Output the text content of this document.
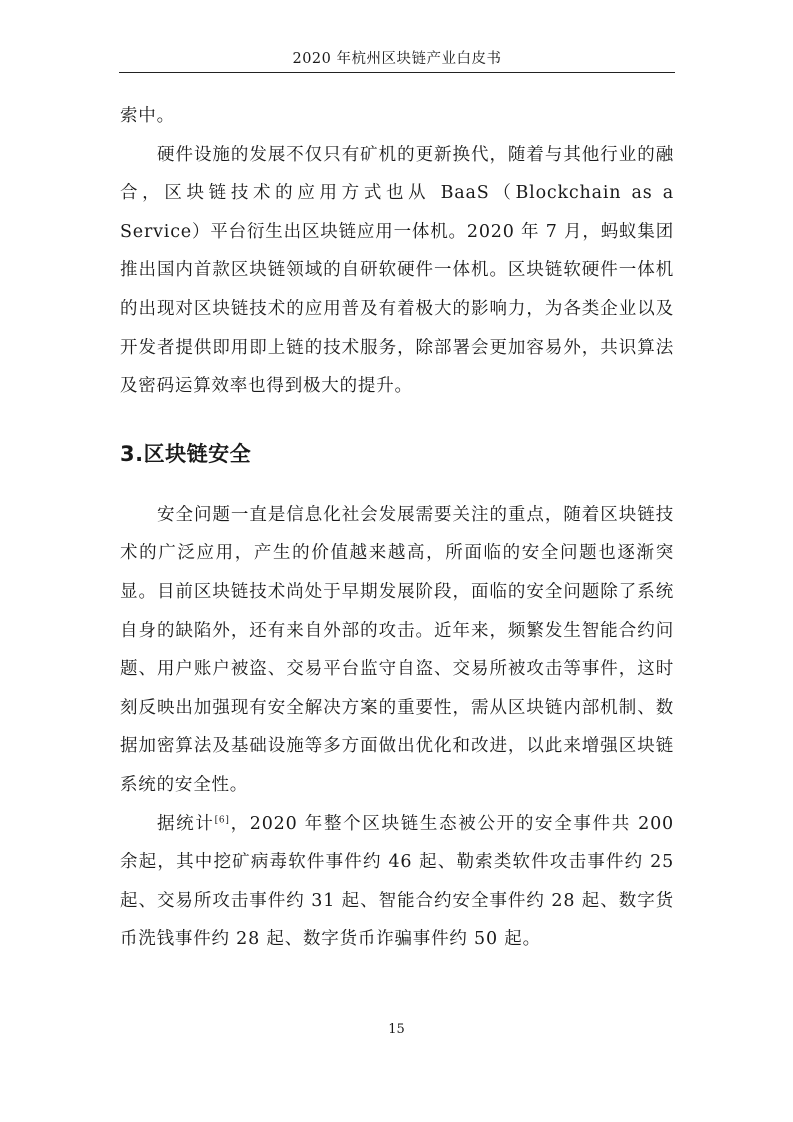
2020 年杭州区块链产业白皮书

索中。

硬件设施的发展不仅只有矿机的更新换代，随着与其他行业的融合，区块链技术的应用方式也从 BaaS（Blockchain as a Service）平台衍生出区块链应用一体机。2020 年 7 月，蚂蚁集团推出国内首款区块链领域的自研软硬件一体机。区块链软硬件一体机的出现对区块链技术的应用普及有着极大的影响力，为各类企业以及开发者提供即用即上链的技术服务，除部署会更加容易外，共识算法及密码运算效率也得到极大的提升。

3.区块链安全

安全问题一直是信息化社会发展需要关注的重点，随着区块链技术的广泛应用，产生的价值越来越高，所面临的安全问题也逐渐突显。目前区块链技术尚处于早期发展阶段，面临的安全问题除了系统自身的缺陷外，还有来自外部的攻击。近年来，频繁发生智能合约问题、用户账户被盗、交易平台监守自盗、交易所被攻击等事件，这时刻反映出加强现有安全解决方案的重要性，需从区块链内部机制、数据加密算法及基础设施等多方面做出优化和改进，以此来增强区块链系统的安全性。

据统计[6]，2020 年整个区块链生态被公开的安全事件共 200 余起，其中挖矿病毒软件事件约 46 起、勒索类软件攻击事件约 25 起、交易所攻击事件约 31 起、智能合约安全事件约 28 起、数字货币洗钱事件约 28 起、数字货币诈骗事件约 50 起。

15
